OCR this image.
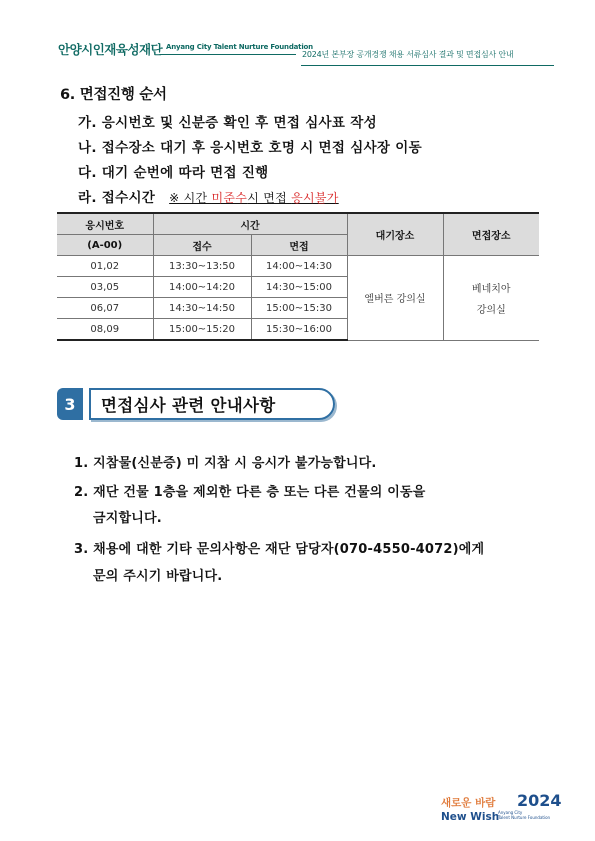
안양시인재육성재단 Anyang City Talent Nurture Foundation
2024년 본부장 공개경쟁 채용 서류심사 결과 및 면접심사 안내
6. 면접진행 순서
가. 응시번호 및 신분증 확인 후 면접 심사표 작성
나. 접수장소 대기 후 응시번호 호명 시 면접 심사장 이동
다. 대기 순번에 따라 면접 진행
라. 접수시간 ※ 시간 미준수시 면접 응시불가
응시번호	시간		대기장소	면접장소
(A-00)	접수	면접		
01,02	13:30~13:50	14:00~14:30	엘버른 강의실	베네치아
강의실

03,05	14:00~14:20	14:30~15:00		
06,07	14:30~14:50	15:00~15:30		
08,09	15:00~15:20	15:30~16:00		
3	면접심사 관련 안내사항
1. 지참물(신분증) 미 지참 시 응시가 불가능합니다.
2. 재단 건물 1층을 제외한 다른 층 또는 다른 건물의 이동을
금지합니다.
3. 채용에 대한 기타 문의사항은 재단 담당자(070-4550-4072)에게
문의 주시기 바랍니다.
새로운 바람 2024
New Wish
Anyang City
Talent Nurture Foundation
